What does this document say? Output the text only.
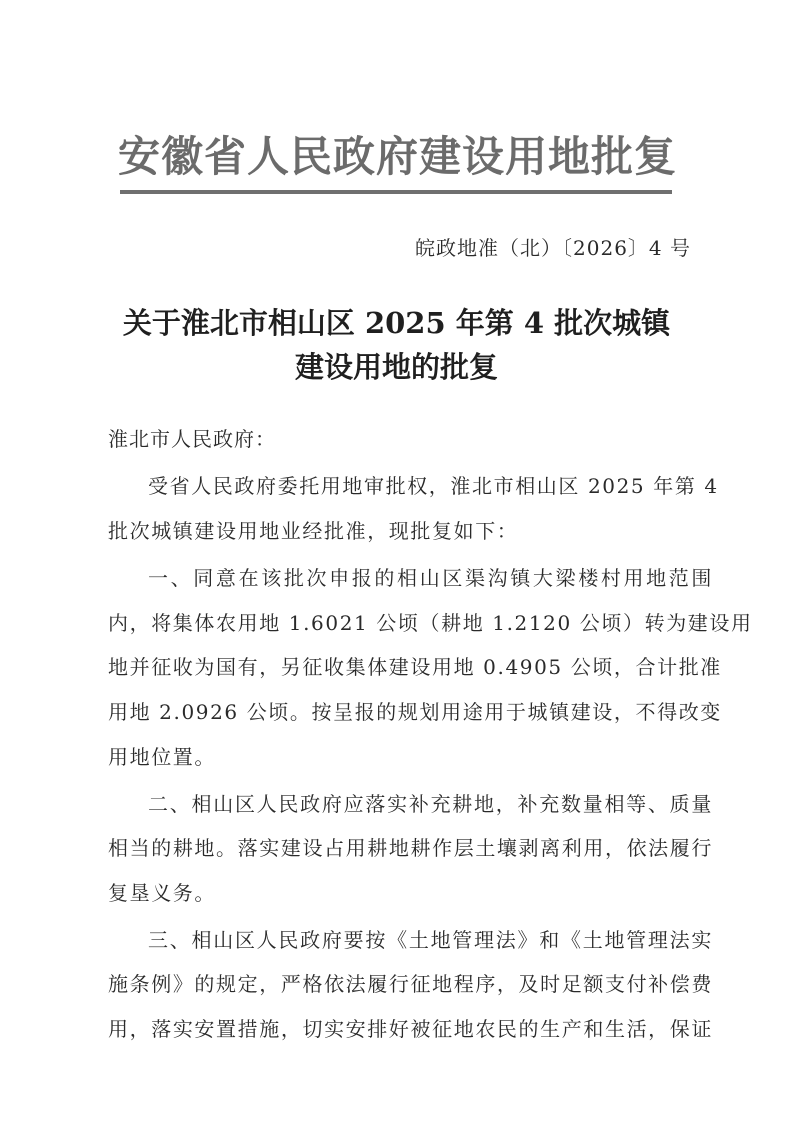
安徽省人民政府建设用地批复
皖政地准（北）〔2026〕4 号
关于淮北市相山区 2025 年第 4 批次城镇
建设用地的批复
淮北市人民政府：
受省人民政府委托用地审批权，淮北市相山区 2025 年第 4
批次城镇建设用地业经批准，现批复如下：
一、同意在该批次申报的相山区渠沟镇大梁楼村用地范围
内，将集体农用地 1.6021 公顷（耕地 1.2120 公顷）转为建设用
地并征收为国有，另征收集体建设用地 0.4905 公顷，合计批准
用地 2.0926 公顷。按呈报的规划用途用于城镇建设，不得改变
用地位置。
二、相山区人民政府应落实补充耕地，补充数量相等、质量
相当的耕地。落实建设占用耕地耕作层土壤剥离利用，依法履行
复垦义务。
三、相山区人民政府要按《土地管理法》和《土地管理法实
施条例》的规定，严格依法履行征地程序，及时足额支付补偿费
用，落实安置措施，切实安排好被征地农民的生产和生活，保证
